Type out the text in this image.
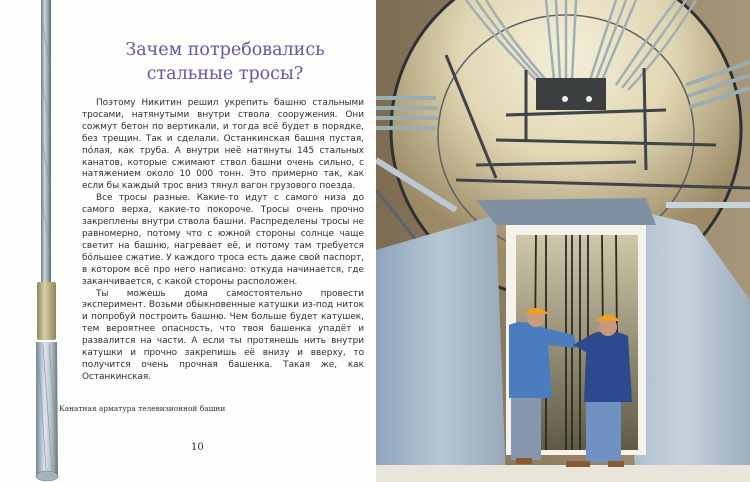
Зачем потребовались
стальные тросы?

Поэтому Никитин решил укрепить башню стальными тросами, натянутыми внутри ствола сооружения. Они сожмут бетон по вертикали, и тогда всё будет в порядке, без трещин. Так и сделали. Останкинская башня пустая, пóлая, как труба. А внутри неё натянуты 145 стальных канатов, которые сжимают ствол башни очень сильно, с натяжением около 10 000 тонн. Это примерно так, как если бы каждый трос вниз тянул вагон грузового поезда.

Все тросы разные. Какие-то идут с самого низа до самого верха, какие-то покороче. Тросы очень прочно закреплены внутри ствола башни. Распределены тросы не равномерно, потому что с южной стороны солнце чаще светит на башню, нагревает её, и потому там требуется бóльшее сжатие. У каждого троса есть даже свой паспорт, в котором всё про него написано: откуда начинается, где заканчивается, с какой стороны расположен.

Ты можешь дома самостоятельно провести эксперимент. Возьми обыкновенные катушки из-под ниток и попробуй построить башню. Чем больше будет катушек, тем вероятнее опасность, что твоя башенка упадёт и развалится на части. А если ты протянешь нить внутри катушки и прочно закрепишь её внизу и вверху, то получится очень прочная башенка. Такая же, как Останкинская.

Канатная арматура телевизионной башни
10
